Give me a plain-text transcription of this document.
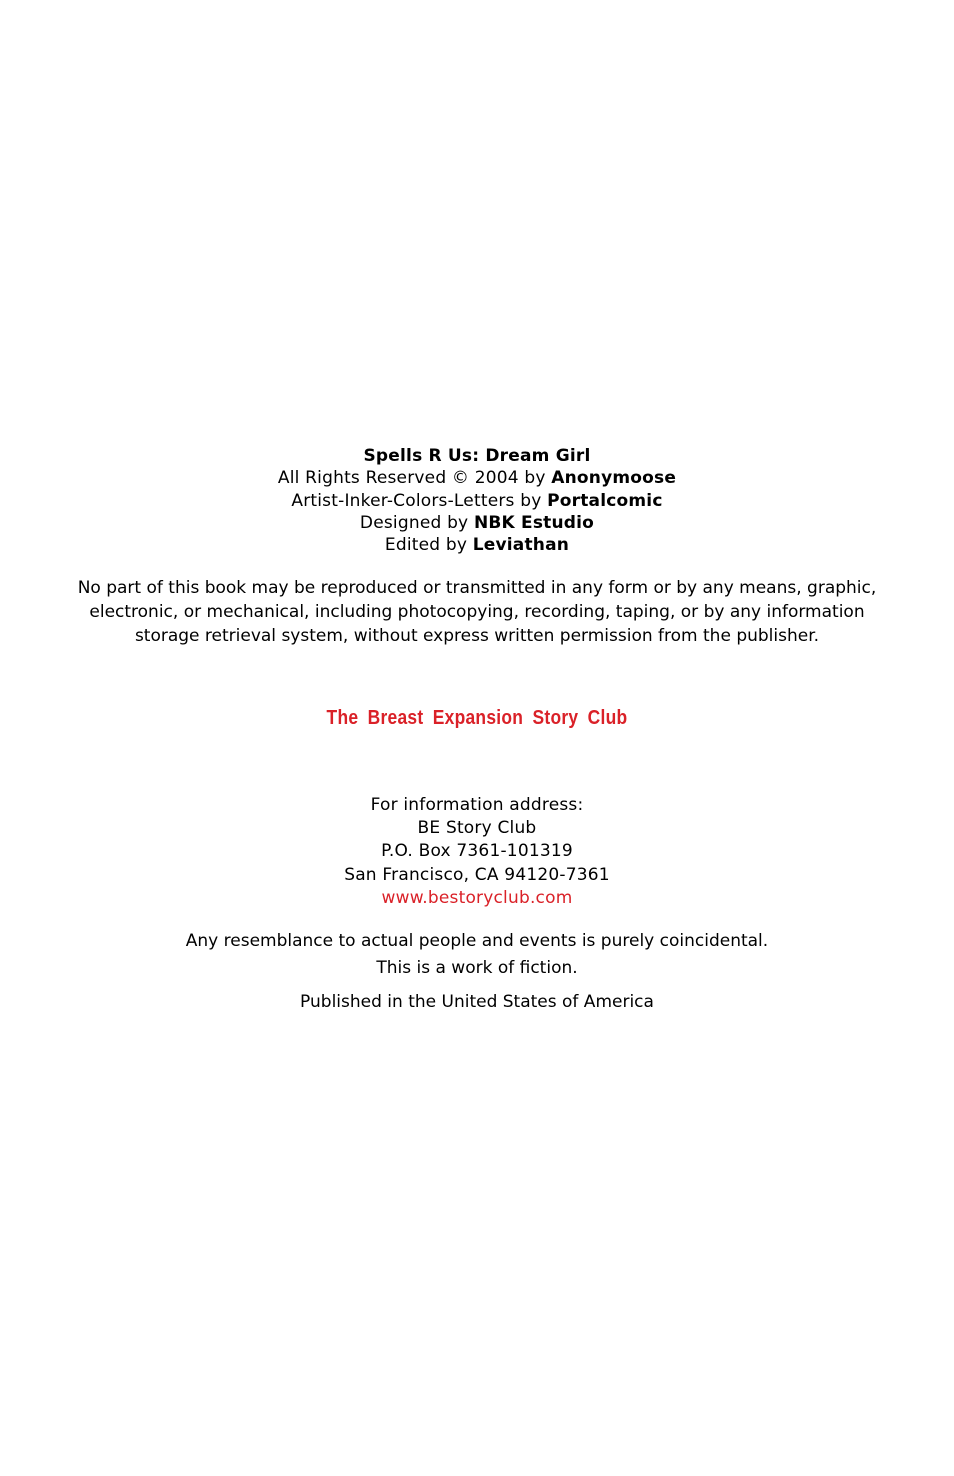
Spells R Us: Dream Girl
All Rights Reserved © 2004 by Anonymoose
Artist-Inker-Colors-Letters by Portalcomic
Designed by NBK Estudio
Edited by Leviathan
No part of this book may be reproduced or transmitted in any form or by any means, graphic,
electronic, or mechanical, including photocopying, recording, taping, or by any information
storage retrieval system, without express written permission from the publisher.
The Breast Expansion Story Club
For information address:
BE Story Club
P.O. Box 7361-101319
San Francisco, CA 94120-7361
www.bestoryclub.com
Any resemblance to actual people and events is purely coincidental.
This is a work of fiction.
Published in the United States of America
